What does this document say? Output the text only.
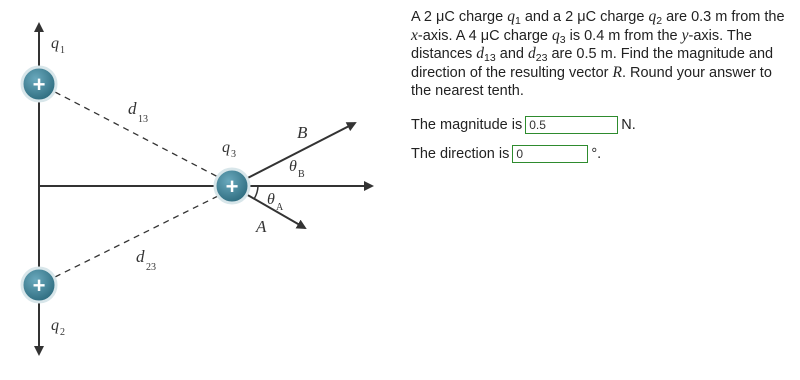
+
+
+
q 1
q 2
q 3
d
13
d
23
B
A
θ B
θ A

A 2 μC charge $q_1$ and a 2 μC charge $q_2$ are 0.3 m from the x-axis. A 4 μC charge $q_3$ is 0.4 m from the y-axis. The distances $d_{13}$ and $d_{23}$ are 0.5 m. Find the magnitude and direction of the resulting vector R. Round your answer to the nearest tenth.

The magnitude is
0.5	N.
The direction is
0	°.
